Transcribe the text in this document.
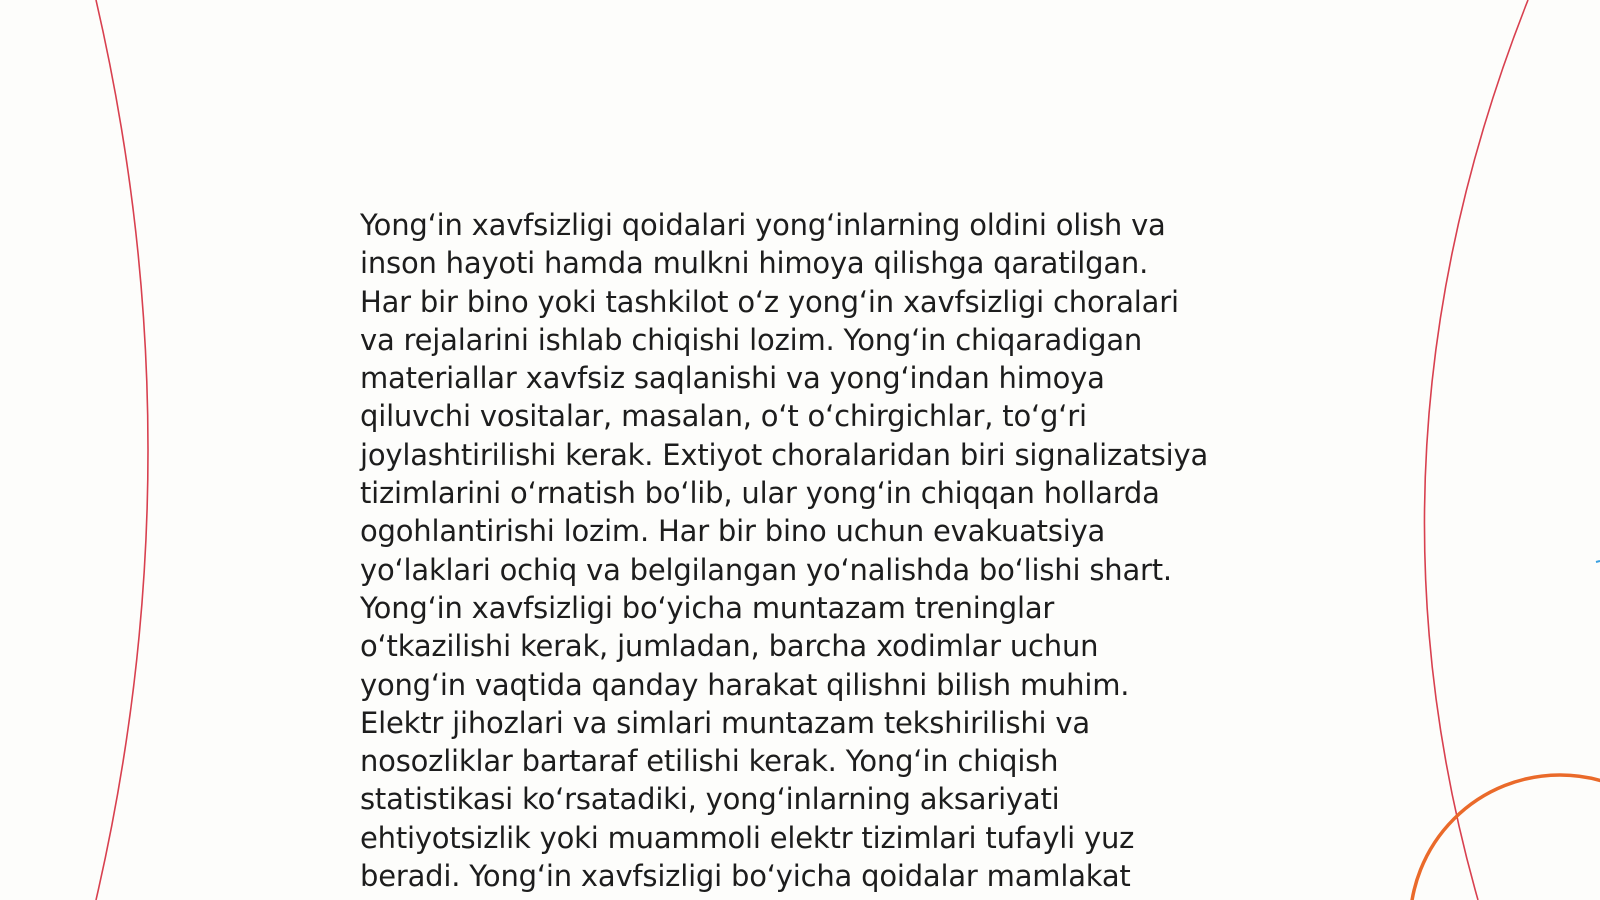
Yong‘in xavfsizligi qoidalari yong‘inlarning oldini olish va
inson hayoti hamda mulkni himoya qilishga qaratilgan.
Har bir bino yoki tashkilot o‘z yong‘in xavfsizligi choralari
va rejalarini ishlab chiqishi lozim. Yong‘in chiqaradigan
materiallar xavfsiz saqlanishi va yong‘indan himoya
qiluvchi vositalar, masalan, o‘t o‘chirgichlar, to‘g‘ri
joylashtirilishi kerak. Extiyot choralaridan biri signalizatsiya
tizimlarini o‘rnatish bo‘lib, ular yong‘in chiqqan hollarda
ogohlantirishi lozim. Har bir bino uchun evakuatsiya
yo‘laklari ochiq va belgilangan yo‘nalishda bo‘lishi shart.
Yong‘in xavfsizligi bo‘yicha muntazam treninglar
o‘tkazilishi kerak, jumladan, barcha xodimlar uchun
yong‘in vaqtida qanday harakat qilishni bilish muhim.
Elektr jihozlari va simlari muntazam tekshirilishi va
nosozliklar bartaraf etilishi kerak. Yong‘in chiqish
statistikasi ko‘rsatadiki, yong‘inlarning aksariyati
ehtiyotsizlik yoki muammoli elektr tizimlari tufayli yuz
beradi. Yong‘in xavfsizligi bo‘yicha qoidalar mamlakat
